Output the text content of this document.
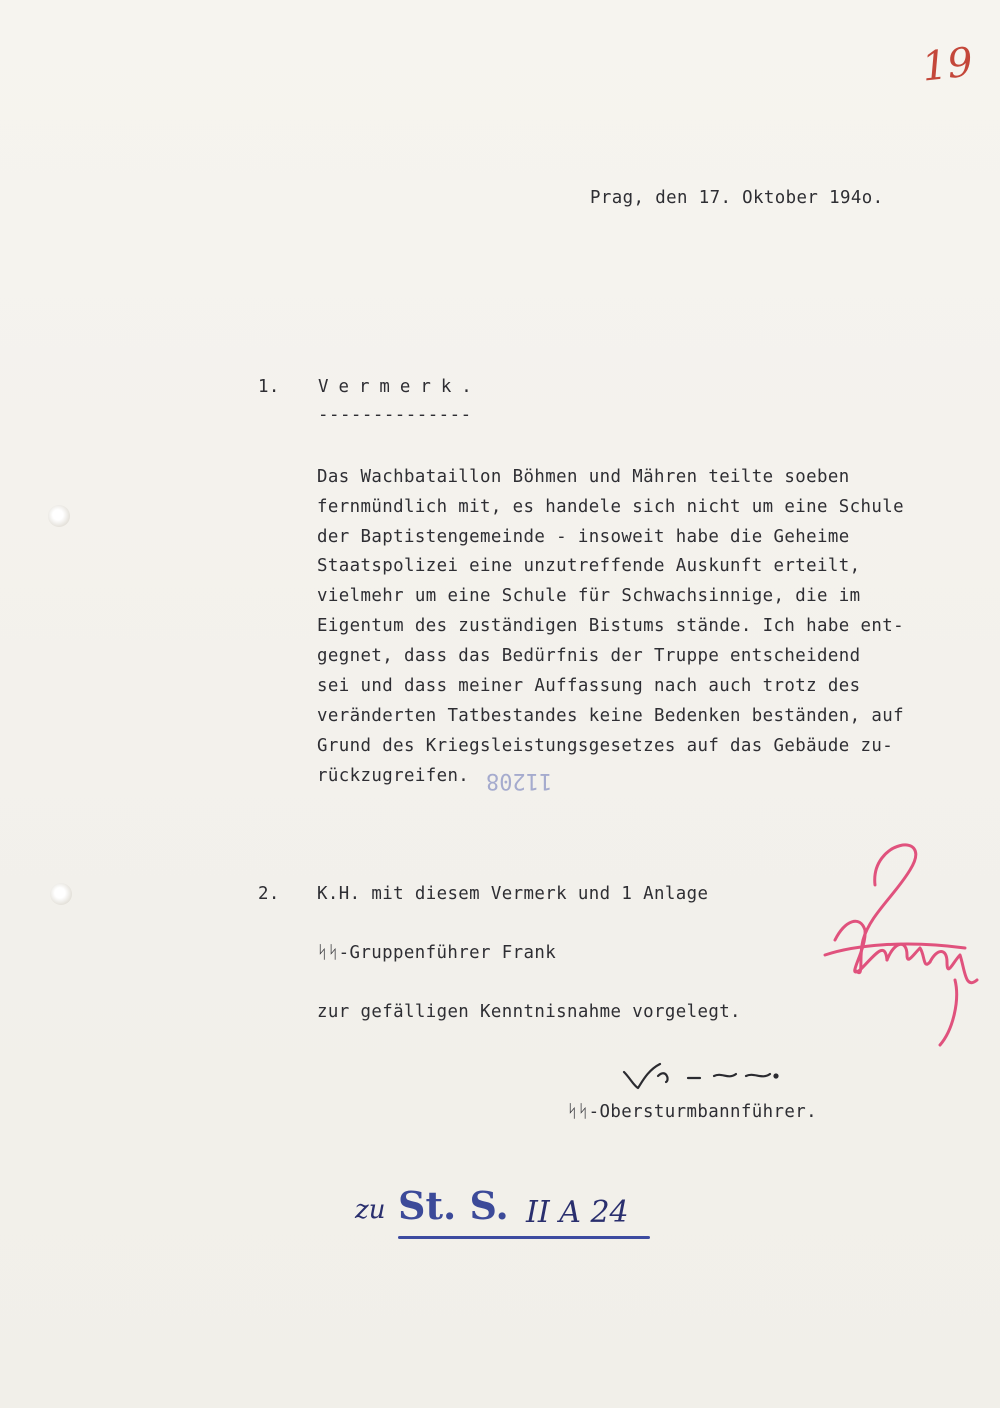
19
Prag, den 17. Oktober 194o.
1. Vermerk.
--------------
Das Wachbataillon Böhmen und Mähren teilte soeben
fernmündlich mit, es handele sich nicht um eine Schule
der Baptistengemeinde - insoweit habe die Geheime
Staatspolizei eine unzutreffende Auskunft erteilt,
vielmehr um eine Schule für Schwachsinnige, die im
Eigentum des zuständigen Bistums stände. Ich habe ent-
gegnet, dass das Bedürfnis der Truppe entscheidend
sei und dass meiner Auffassung nach auch trotz des
veränderten Tatbestandes keine Bedenken beständen, auf
Grund des Kriegsleistungsgesetzes auf das Gebäude zu-
rückzugreifen. 11208
2. K.H. mit diesem Vermerk und 1 Anlage
ᛋᛋ-Gruppenführer Frank
zur gefälligen Kenntnisnahme vorgelegt.
ᛋᛋ-Obersturmbannführer.
zu St. S. II A 24
